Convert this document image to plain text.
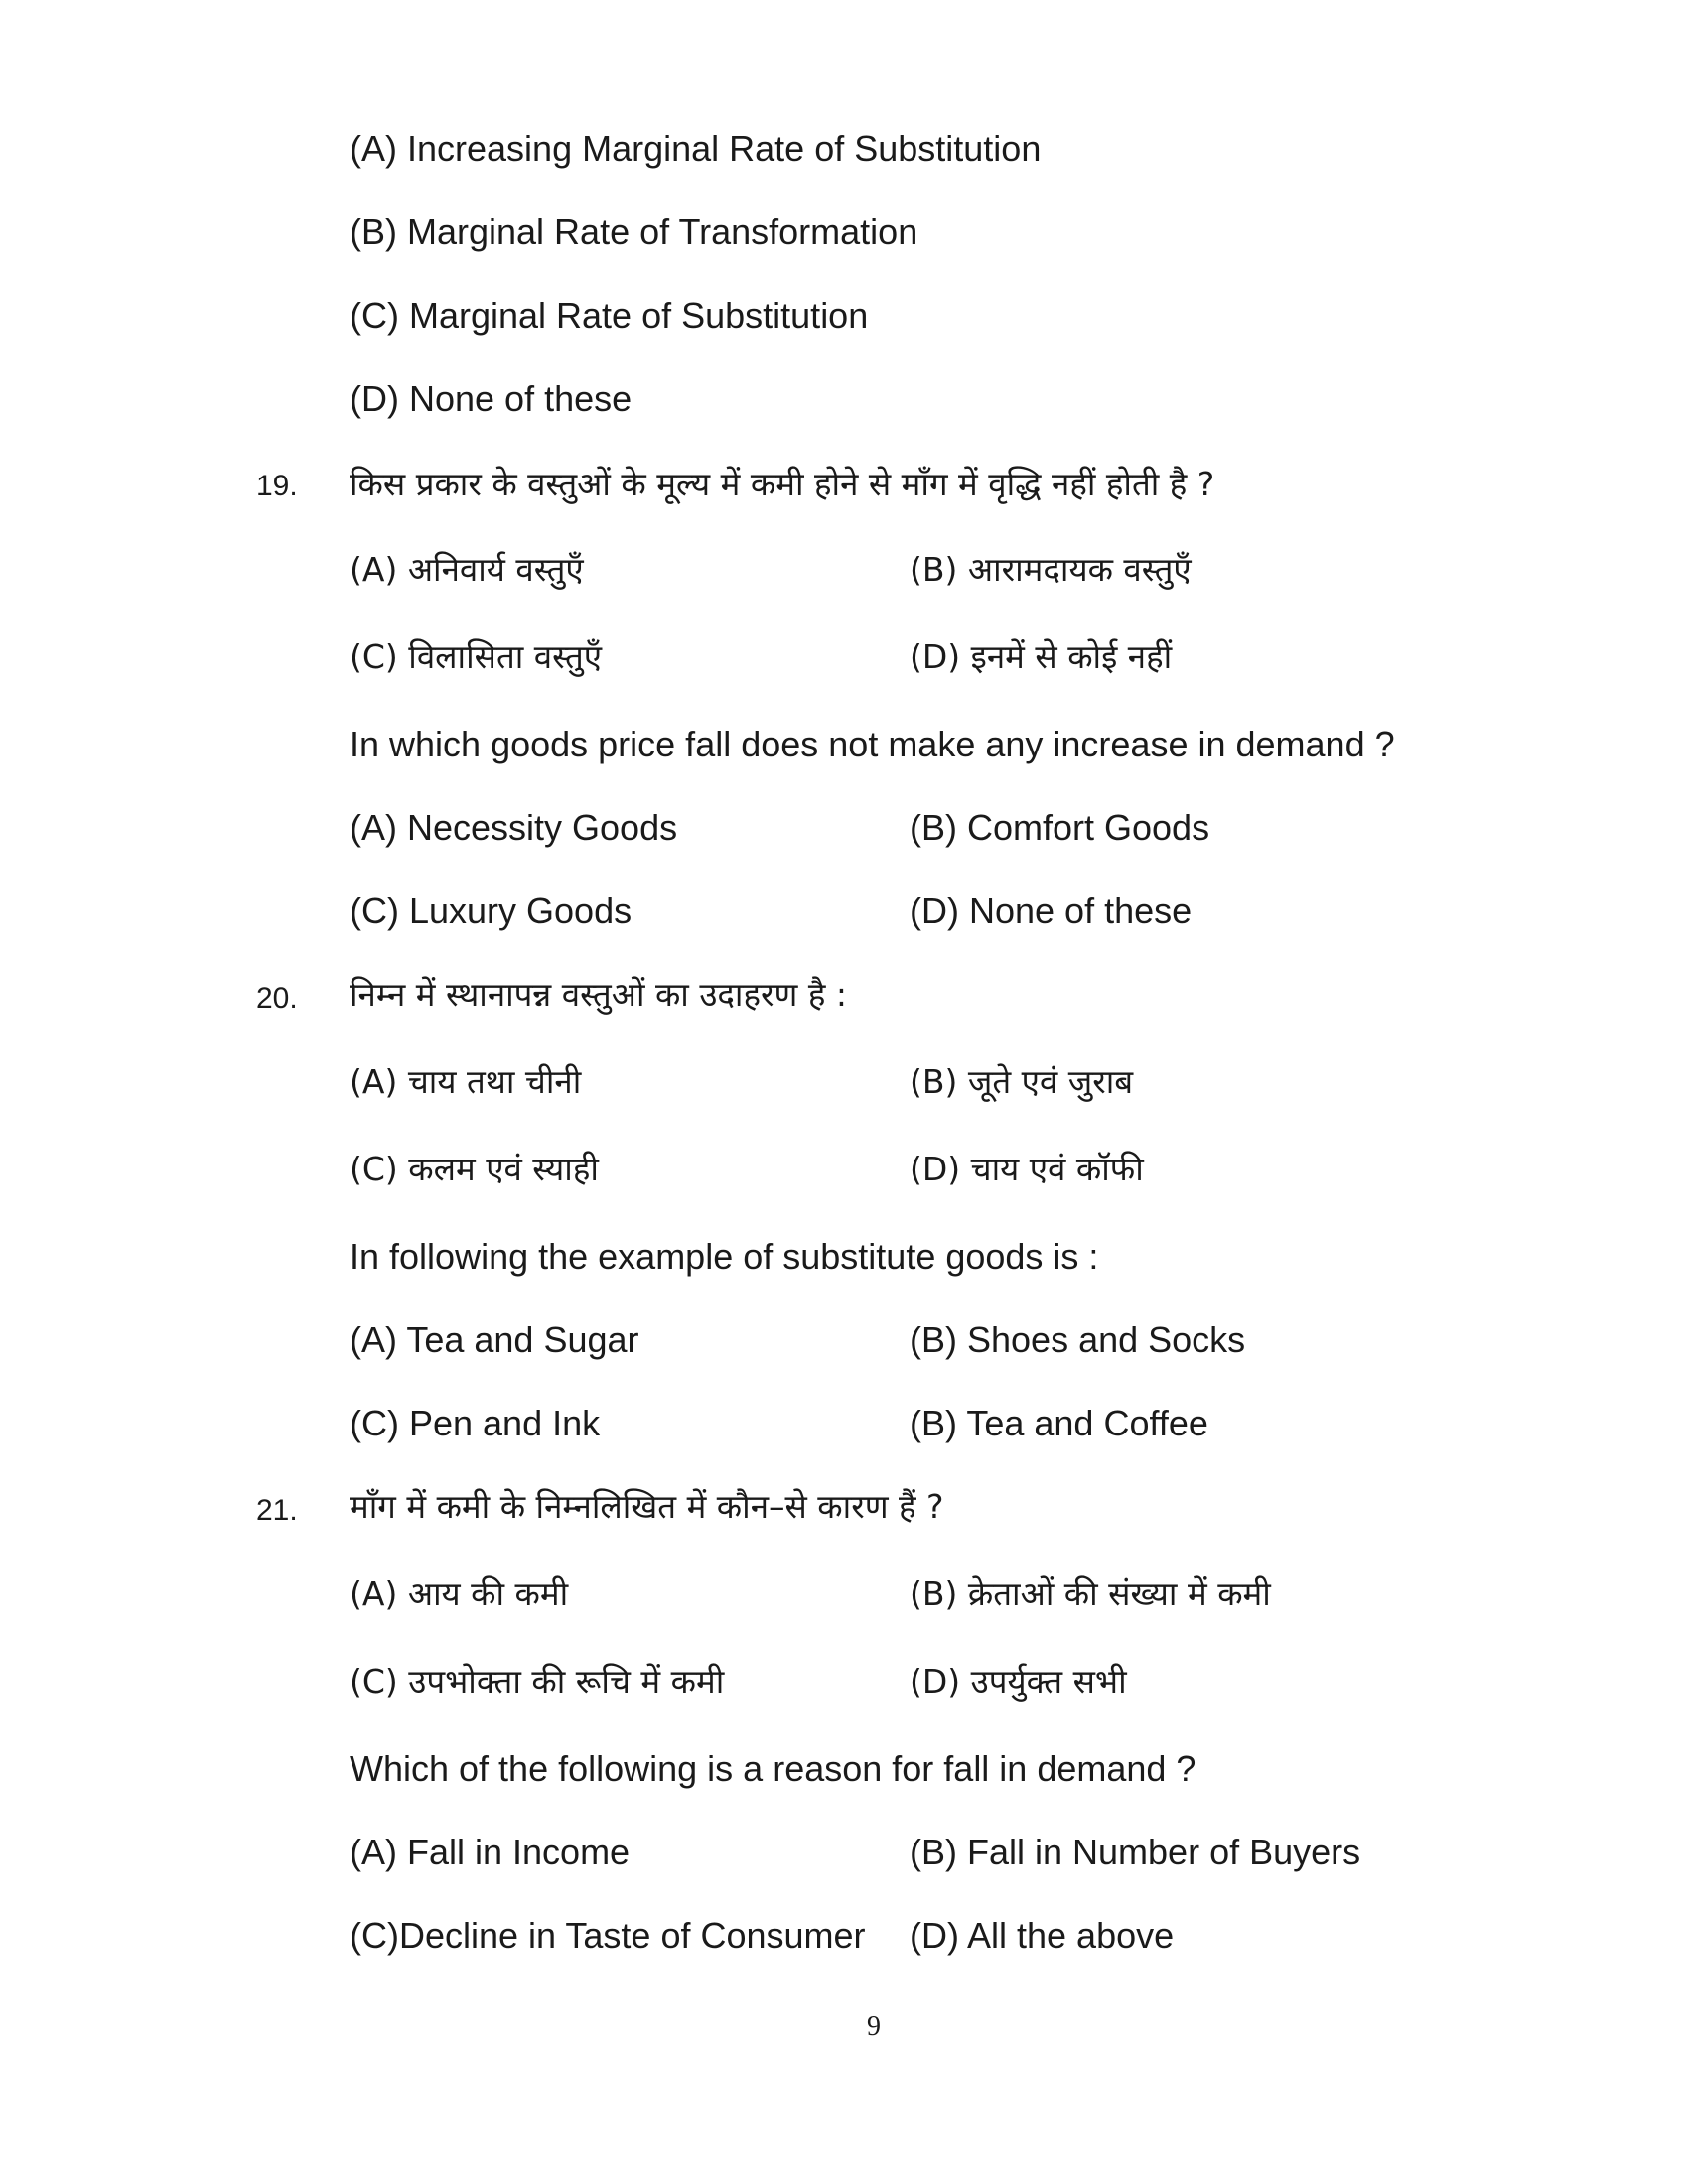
(A) Increasing Marginal Rate of Substitution
(B) Marginal Rate of Transformation
(C) Marginal Rate of Substitution
(D) None of these
19. किस प्रकार के वस्तुओं के मूल्य में कमी होने से माँग में वृद्धि नहीं होती है ?
(A) अनिवार्य वस्तुएँ	(B) आरामदायक वस्तुएँ
(C) विलासिता वस्तुएँ	(D) इनमें से कोई नहीं
In which goods price fall does not make any increase in demand ?
(A) Necessity Goods	(B) Comfort Goods
(C) Luxury Goods	(D) None of these
20. निम्न में स्थानापन्न वस्तुओं का उदाहरण है :
(A) चाय तथा चीनी	(B) जूते एवं जुराब
(C) कलम एवं स्याही	(D) चाय एवं कॉफी
In following the example of substitute goods is :
(A) Tea and Sugar	(B) Shoes and Socks
(C) Pen and Ink	(B) Tea and Coffee
21. माँग में कमी के निम्नलिखित में कौन–से कारण हैं ?
(A) आय की कमी	(B) क्रेताओं की संख्या में कमी
(C) उपभोक्ता की रूचि में कमी	(D) उपर्युक्त सभी
Which of the following is a reason for fall in demand ?
(A) Fall in Income	(B) Fall in Number of Buyers
(C)Decline in Taste of Consumer (D) All the above
9
